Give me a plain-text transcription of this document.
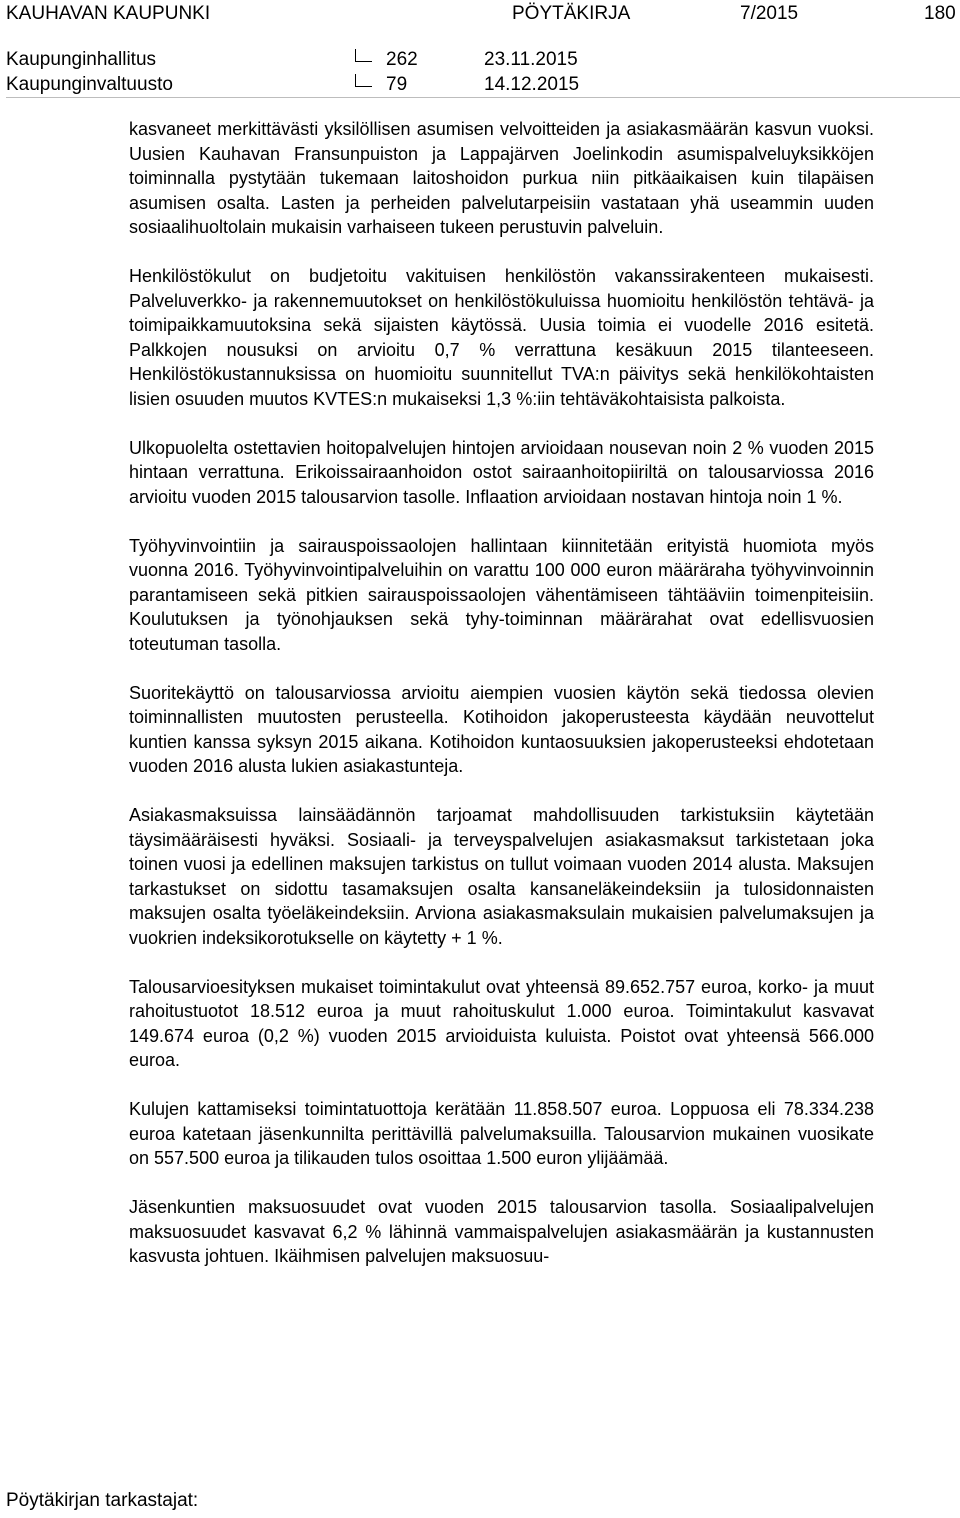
KAUHAVAN KAUPUNKI	PÖYTÄKIRJA	7/2015	180
Kaupunginhallitus	262	23.11.2015
Kaupunginvaltuusto	79	14.12.2015

kasvaneet merkittävästi yksilöllisen asumisen velvoitteiden ja asiakasmäärän kasvun vuoksi. Uusien Kauhavan Fransunpuiston ja Lappajärven Joelinkodin asumispalveluyksikköjen toiminnalla pystytään tukemaan laitoshoidon purkua niin pitkäaikaisen kuin tilapäisen asumisen osalta. Lasten ja perheiden palvelutarpeisiin vastataan yhä useammin uuden sosiaalihuoltolain mukaisin varhaiseen tukeen perustuvin palveluin.

Henkilöstökulut on budjetoitu vakituisen henkilöstön vakanssirakenteen mukaisesti. Palveluverkko- ja rakennemuutokset on henkilöstökuluissa huomioitu henkilöstön tehtävä- ja toimipaikkamuutoksina sekä sijaisten käytössä. Uusia toimia ei vuodelle 2016 esitetä. Palkkojen nousuksi on arvioitu 0,7 % verrattuna kesäkuun 2015 tilanteeseen. Henkilöstökustannuksissa on huomioitu suunnitellut TVA:n päivitys sekä henkilökohtaisten lisien osuuden muutos KVTES:n mukaiseksi 1,3 %:iin tehtäväkohtaisista palkoista.

Ulkopuolelta ostettavien hoitopalvelujen hintojen arvioidaan nousevan noin 2 % vuoden 2015 hintaan verrattuna. Erikoissairaanhoidon ostot sairaanhoitopiiriltä on talousarviossa 2016 arvioitu vuoden 2015 talousarvion tasolle. Inflaation arvioidaan nostavan hintoja noin 1 %.

Työhyvinvointiin ja sairauspoissaolojen hallintaan kiinnitetään erityistä huomiota myös vuonna 2016. Työhyvinvointipalveluihin on varattu 100 000 euron määräraha työhyvinvoinnin parantamiseen sekä pitkien sairauspoissaolojen vähentämiseen tähtääviin toimenpiteisiin. Koulutuksen ja työnohjauksen sekä tyhy-toiminnan määrärahat ovat edellisvuosien toteutuman tasolla.

Suoritekäyttö on talousarviossa arvioitu aiempien vuosien käytön sekä tiedossa olevien toiminnallisten muutosten perusteella. Kotihoidon jakoperusteesta käydään neuvottelut kuntien kanssa syksyn 2015 aikana. Kotihoidon kuntaosuuksien jakoperusteeksi ehdotetaan vuoden 2016 alusta lukien asiakastunteja.

Asiakasmaksuissa lainsäädännön tarjoamat mahdollisuuden tarkistuksiin käytetään täysimääräisesti hyväksi. Sosiaali- ja terveyspalvelujen asiakasmaksut tarkistetaan joka toinen vuosi ja edellinen maksujen tarkistus on tullut voimaan vuoden 2014 alusta. Maksujen tarkastukset on sidottu tasamaksujen osalta kansaneläkeindeksiin ja tulosidonnaisten maksujen osalta työeläkeindeksiin. Arviona asiakasmaksulain mukaisien palvelumaksujen ja vuokrien indeksikorotukselle on käytetty + 1 %.

Talousarvioesityksen mukaiset toimintakulut ovat yhteensä 89.652.757 euroa, korko- ja muut rahoitustuotot 18.512 euroa ja muut rahoituskulut 1.000 euroa. Toimintakulut kasvavat 149.674 euroa (0,2 %) vuoden 2015 arvioiduista kuluista. Poistot ovat yhteensä 566.000 euroa.

Kulujen kattamiseksi toimintatuottoja kerätään 11.858.507 euroa. Loppuosa eli 78.334.238 euroa katetaan jäsenkunnilta perittävillä palvelumaksuilla. Talousarvion mukainen vuosikate on 557.500 euroa ja tilikauden tulos osoittaa 1.500 euron ylijäämää.

Jäsenkuntien maksuosuudet ovat vuoden 2015 talousarvion tasolla. Sosiaalipalvelujen maksuosuudet kasvavat 6,2 % lähinnä vammaispalvelujen asiakasmäärän ja kustannusten kasvusta johtuen. Ikäihmisen palvelujen maksuosuu-

Pöytäkirjan tarkastajat:
